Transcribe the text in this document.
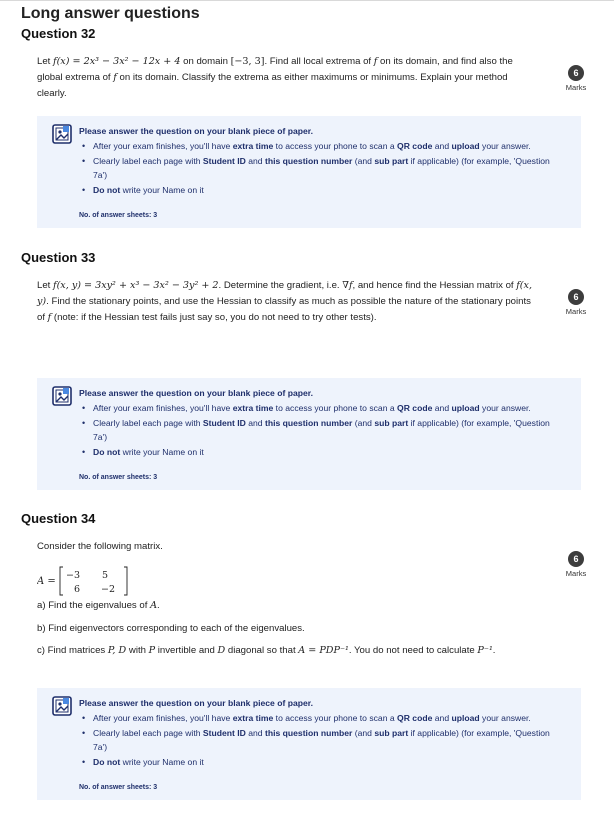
Long answer questions
Question 32
Let f(x) = 2x³ − 3x² − 12x + 4 on domain [−3, 3]. Find all local extrema of f on its domain, and find also the global extrema of f on its domain. Classify the extrema as either maximums or minimums. Explain your method clearly.
6
Marks
Please answer the question on your blank piece of paper.
• After your exam finishes, you'll have extra time to access your phone to scan a QR code and upload your answer.
• Clearly label each page with Student ID and this question number (and sub part if applicable) (for example, 'Question 7a')
• Do not write your Name on it
No. of answer sheets: 3
Question 33
Let f(x, y) = 3xy² + x³ − 3x² − 3y² + 2. Determine the gradient, i.e. ∇f, and hence find the Hessian matrix of f(x, y). Find the stationary points, and use the Hessian to classify as much as possible the nature of the stationary points of f (note: if the Hessian test fails just say so, you do not need to try other tests).
6
Marks
Please answer the question on your blank piece of paper.
• After your exam finishes, you'll have extra time to access your phone to scan a QR code and upload your answer.
• Clearly label each page with Student ID and this question number (and sub part if applicable) (for example, 'Question 7a')
• Do not write your Name on it
No. of answer sheets: 3
Question 34
Consider the following matrix.
6
Marks
A =
−3 5
6 −2
a) Find the eigenvalues of A.
b) Find eigenvectors corresponding to each of the eigenvalues.
c) Find matrices P, D with P invertible and D diagonal so that A = PDP⁻¹. You do not need to calculate P⁻¹.
Please answer the question on your blank piece of paper.
• After your exam finishes, you'll have extra time to access your phone to scan a QR code and upload your answer.
• Clearly label each page with Student ID and this question number (and sub part if applicable) (for example, 'Question 7a')
• Do not write your Name on it
No. of answer sheets: 3
